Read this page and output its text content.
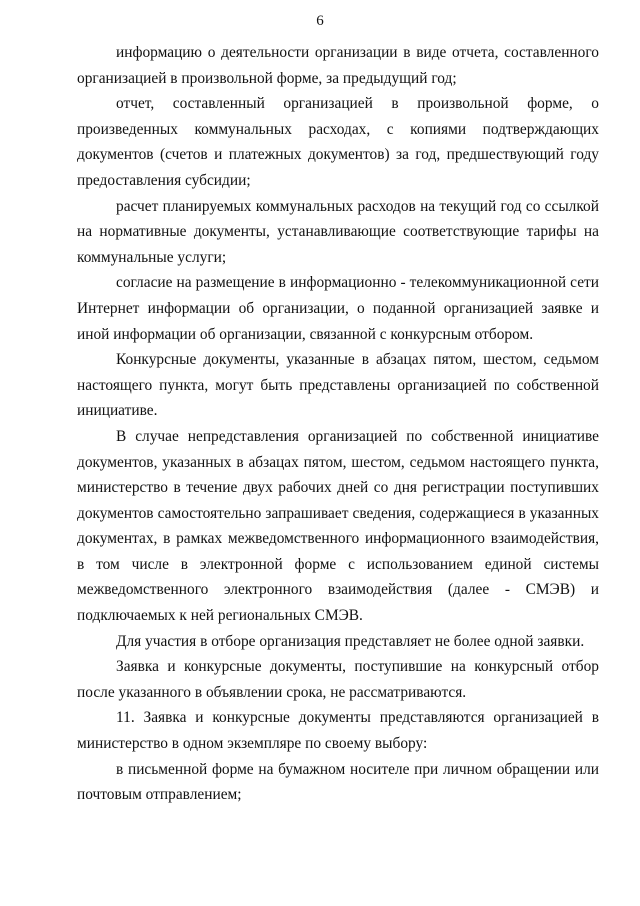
6

информацию о деятельности организации в виде отчета, составленного организацией в произвольной форме, за предыдущий год;

отчет, составленный организацией в произвольной форме, о произведенных коммунальных расходах, с копиями подтверждающих документов (счетов и платежных документов) за год, предшествующий году предоставления субсидии;

расчет планируемых коммунальных расходов на текущий год со ссылкой на нормативные документы, устанавливающие соответствующие тарифы на коммунальные услуги;

согласие на размещение в информационно - телекоммуникационной сети Интернет информации об организации, о поданной организацией заявке и иной информации об организации, связанной с конкурсным отбором.

Конкурсные документы, указанные в абзацах пятом, шестом, седьмом настоящего пункта, могут быть представлены организацией по собственной инициативе.

В случае непредставления организацией по собственной инициативе документов, указанных в абзацах пятом, шестом, седьмом настоящего пункта, министерство в течение двух рабочих дней со дня регистрации поступивших документов самостоятельно запрашивает сведения, содержащиеся в указанных документах, в рамках межведомственного информационного взаимодействия, в том числе в электронной форме с использованием единой системы межведомственного электронного взаимодействия (далее - СМЭВ) и подключаемых к ней региональных СМЭВ.

Для участия в отборе организация представляет не более одной заявки.

Заявка и конкурсные документы, поступившие на конкурсный отбор после указанного в объявлении срока, не рассматриваются.

11. Заявка и конкурсные документы представляются организацией в министерство в одном экземпляре по своему выбору:

в письменной форме на бумажном носителе при личном обращении или почтовым отправлением;
